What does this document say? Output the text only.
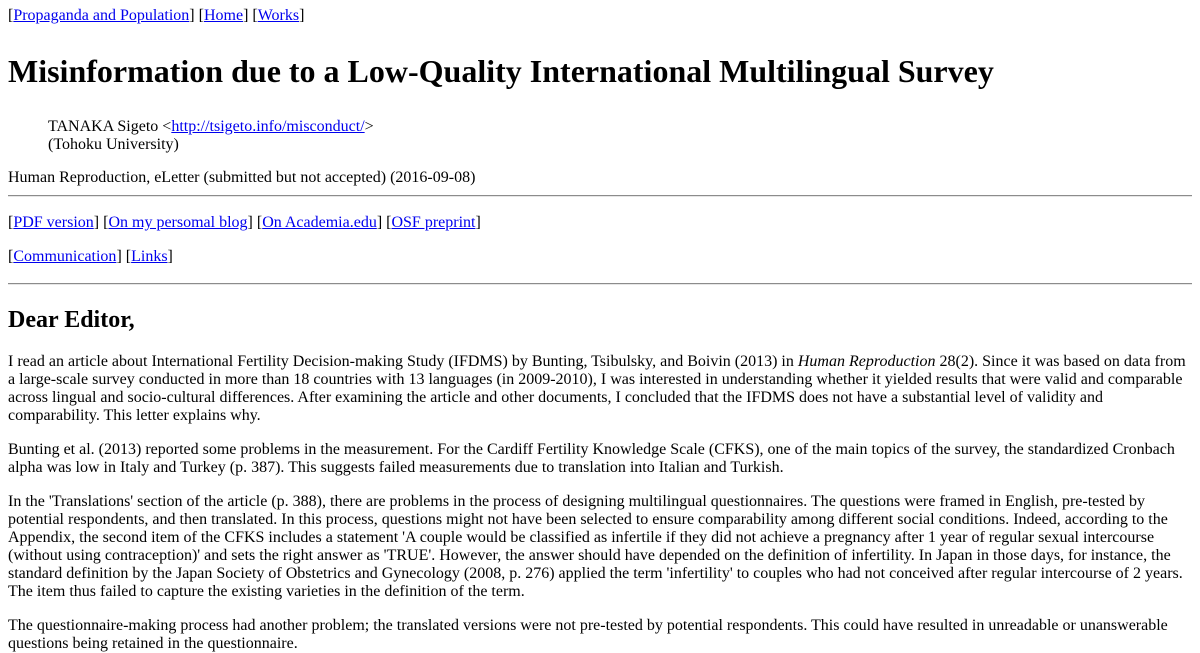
[Propaganda and Population] [Home] [Works]
Misinformation due to a Low-Quality International Multilingual Survey
TANAKA Sigeto <http://tsigeto.info/misconduct/>
(Tohoku University)
Human Reproduction, eLetter (submitted but not accepted) (2016-09-08)
[PDF version] [On my persomal blog] [On Academia.edu] [OSF preprint]
[Communication] [Links]
Dear Editor,

I read an article about International Fertility Decision-making Study (IFDMS) by Bunting, Tsibulsky, and Boivin (2013) in Human Reproduction 28(2). Since it was based on data from a large-scale survey conducted in more than 18 countries with 13 languages (in 2009-2010), I was interested in understanding whether it yielded results that were valid and comparable across lingual and socio-cultural differences. After examining the article and other documents, I concluded that the IFDMS does not have a substantial level of validity and comparability. This letter explains why.

Bunting et al. (2013) reported some problems in the measurement. For the Cardiff Fertility Knowledge Scale (CFKS), one of the main topics of the survey, the standardized Cronbach alpha was low in Italy and Turkey (p. 387). This suggests failed measurements due to translation into Italian and Turkish.

In the 'Translations' section of the article (p. 388), there are problems in the process of designing multilingual questionnaires. The questions were framed in English, pre-tested by potential respondents, and then translated. In this process, questions might not have been selected to ensure comparability among different social conditions. Indeed, according to the Appendix, the second item of the CFKS includes a statement 'A couple would be classified as infertile if they did not achieve a pregnancy after 1 year of regular sexual intercourse (without using contraception)' and sets the right answer as 'TRUE'. However, the answer should have depended on the definition of infertility. In Japan in those days, for instance, the standard definition by the Japan Society of Obstetrics and Gynecology (2008, p. 276) applied the term 'infertility' to couples who had not conceived after regular intercourse of 2 years. The item thus failed to capture the existing varieties in the definition of the term.

The questionnaire-making process had another problem; the translated versions were not pre-tested by potential respondents. This could have resulted in unreadable or unanswerable questions being retained in the questionnaire.
